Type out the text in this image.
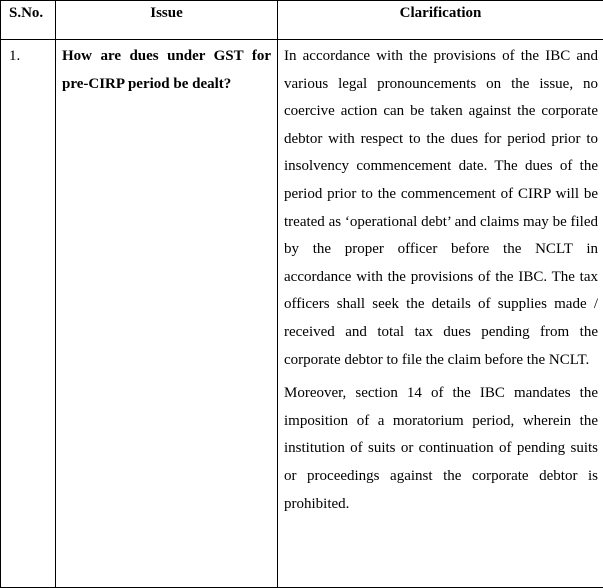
S.No.	Issue	Clarification
1.	How are dues under GST for pre-CIRP period be dealt?	In accordance with the provisions of the IBC and various legal pronouncements on the issue, no coercive action can be taken against the corporate debtor with respect to the dues for period prior to insolvency commencement date. The dues of the period prior to the commencement of CIRP will be treated as ‘operational debt’ and claims may be filed by the proper officer before the NCLT in accordance with the provisions of the IBC. The tax officers shall seek the details of supplies made / received and total tax dues pending from the corporate debtor to file the claim before the NCLT.

Moreover, section 14 of the IBC mandates the imposition of a moratorium period, wherein the institution of suits or continuation of pending suits or proceedings against the corporate debtor is prohibited.
